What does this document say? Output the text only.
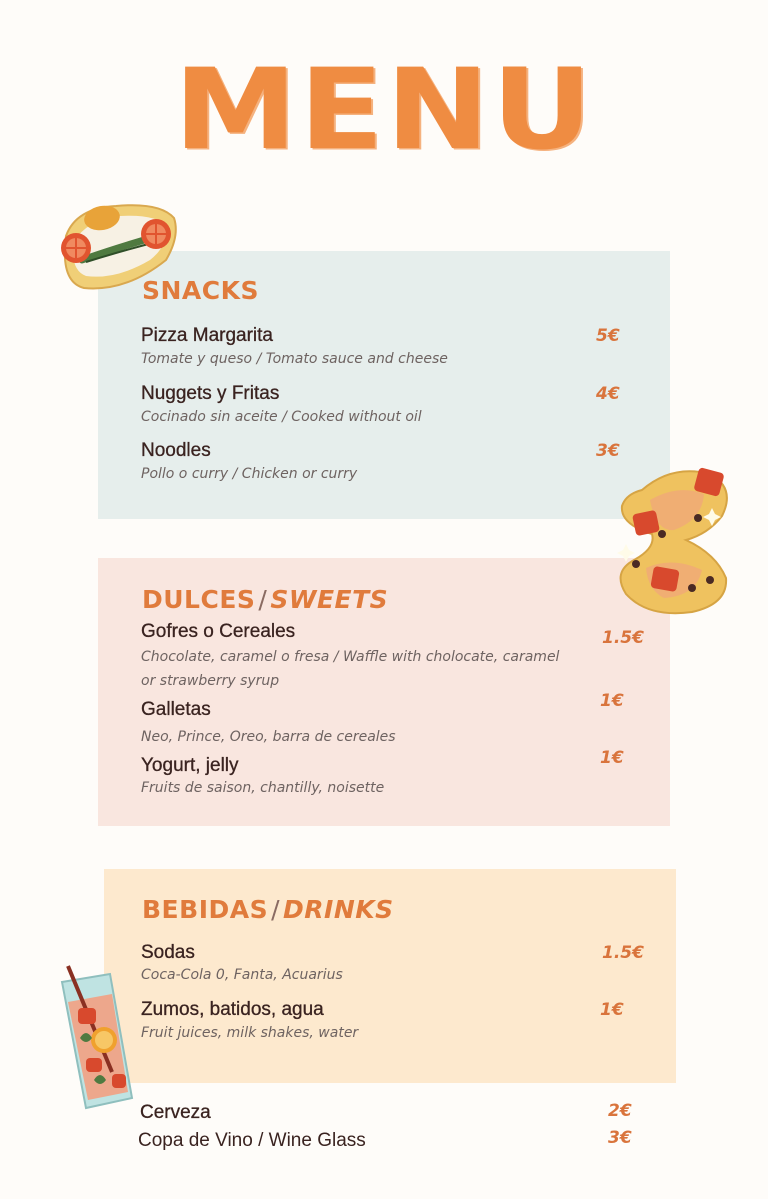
MENU
SNACKS
Pizza Margarita
Tomate y queso / Tomato sauce and cheese
5€
Nuggets y Fritas
Cocinado sin aceite / Cooked without oil
4€
Noodles
Pollo o curry / Chicken or curry
3€
DULCES / SWEETS
Gofres o Cereales
Chocolate, caramel o fresa / Waffle with cholocate, caramel or strawberry syrup
1.5€
Galletas
Neo, Prince, Oreo, barra de cereales
1€
Yogurt, jelly
Fruits de saison, chantilly, noisette
1€
BEBIDAS / DRINKS
Sodas
Coca-Cola 0, Fanta, Acuarius
1.5€
Zumos, batidos, agua
Fruit juices, milk shakes, water
1€
Cerveza	2€
Copa de Vino / Wine Glass	3€
